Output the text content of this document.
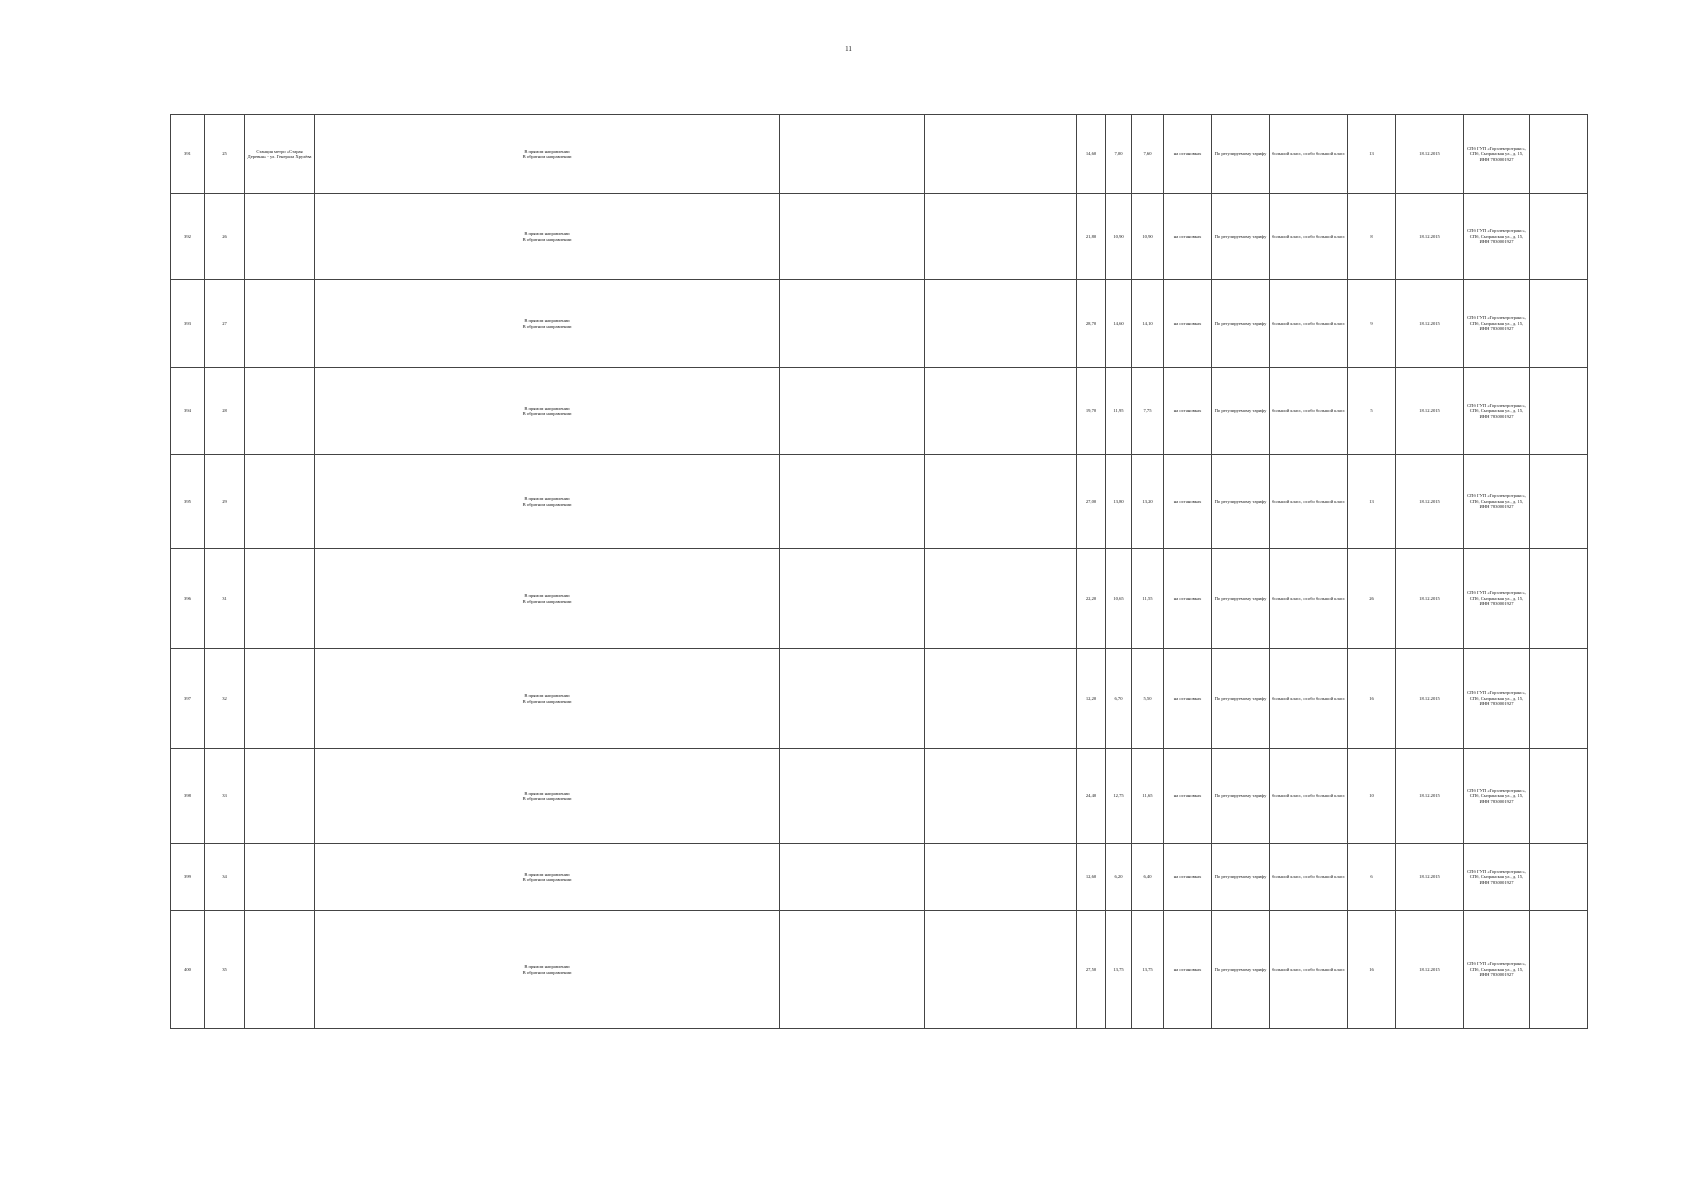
11
391	25	Станция метро «Старая Деревня» - ул. Генерала Хрулёва	В прямом направлении
В обратном направлении			14,60	7,00	7,60	на остановках	По регулируемому тарифу	большой класс, особо большой класс	13	18.12.2015	СПб ГУП «Горэлектротранс», СПб, Сызранская ул., д. 15, ИНН 7830001927	
392	26		В прямом направлении
В обратном направлении			21,80	10,90	10,90	на остановках	По регулируемому тарифу	большой класс, особо большой класс	8	18.12.2015	СПб ГУП «Горэлектротранс», СПб, Сызранская ул., д. 15, ИНН 7830001927	
393	27		В прямом направлении
В обратном направлении			28,70	14,60	14,10	на остановках	По регулируемому тарифу	большой класс, особо большой класс	9	18.12.2015	СПб ГУП «Горэлектротранс», СПб, Сызранская ул., д. 15, ИНН 7830001927	
394	28		В прямом направлении
В обратном направлении			19,70	11,95	7,75	на остановках	По регулируемому тарифу	большой класс, особо большой класс	5	18.12.2015	СПб ГУП «Горэлектротранс», СПб, Сызранская ул., д. 15, ИНН 7830001927	
395	29		В прямом направлении
В обратном направлении			27,00	13,80	13,20	на остановках	По регулируемому тарифу	большой класс, особо большой класс	13	18.12.2015	СПб ГУП «Горэлектротранс», СПб, Сызранская ул., д. 15, ИНН 7830001927	
396	31		В прямом направлении
В обратном направлении			22,20	10,65	11,55	на остановках	По регулируемому тарифу	большой класс, особо большой класс	26	18.12.2015	СПб ГУП «Горэлектротранс», СПб, Сызранская ул., д. 15, ИНН 7830001927	
397	32		В прямом направлении
В обратном направлении			12,20	6,70	5,50	на остановках	По регулируемому тарифу	большой класс, особо большой класс	16	18.12.2015	СПб ГУП «Горэлектротранс», СПб, Сызранская ул., д. 15, ИНН 7830001927	
398	33		В прямом направлении
В обратном направлении			24,40	12,75	11,65	на остановках	По регулируемому тарифу	большой класс, особо большой класс	10	18.12.2015	СПб ГУП «Горэлектротранс», СПб, Сызранская ул., д. 15, ИНН 7830001927	
399	34		В прямом направлении
В обратном направлении			12,60	6,20	6,40	на остановках	По регулируемому тарифу	большой класс, особо большой класс	6	18.12.2015	СПб ГУП «Горэлектротранс», СПб, Сызранская ул., д. 15, ИНН 7830001927	
400	35		В прямом направлении
В обратном направлении			27,50	13,75	13,75	на остановках	По регулируемому тарифу	большой класс, особо большой класс	16	18.12.2015	СПб ГУП «Горэлектротранс», СПб, Сызранская ул., д. 15, ИНН 7830001927	
